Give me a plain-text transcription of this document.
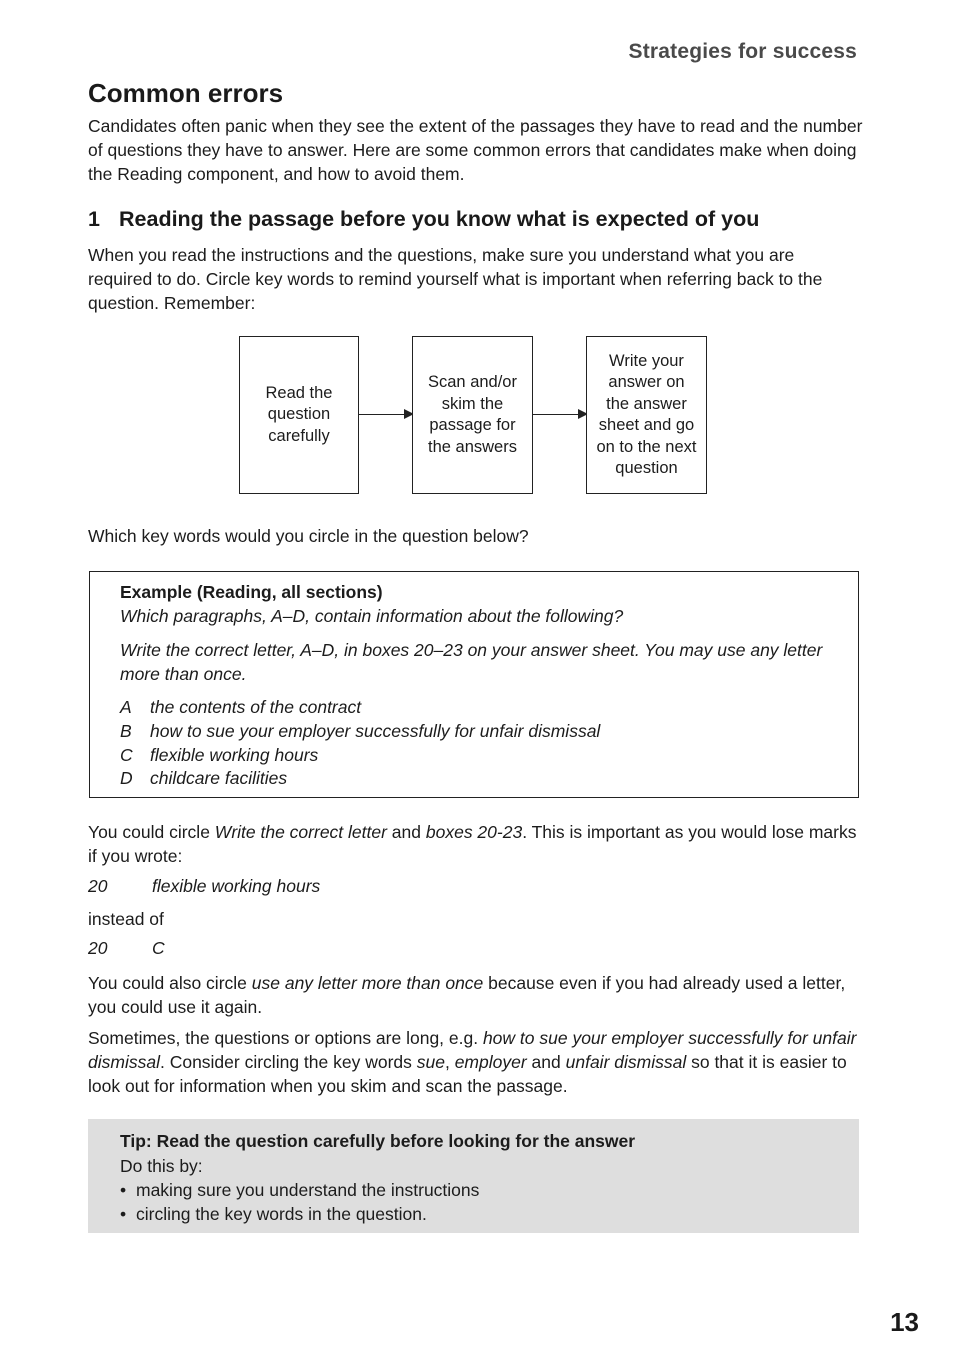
Strategies for success
Common errors
Candidates often panic when they see the extent of the passages they have to read and the number of questions they have to answer. Here are some common errors that candidates make when doing the Reading component, and how to avoid them.
1 Reading the passage before you know what is expected of you
When you read the instructions and the questions, make sure you understand what you are required to do. Circle key words to remind yourself what is important when referring back to the question. Remember:
Read the
question
carefully
Scan and/or
skim the
passage for
the answers
Write your
answer on
the answer
sheet and go
on to the next
question
Which key words would you circle in the question below?
Example (Reading, all sections)
Which paragraphs, A–D, contain information about the following?
Write the correct letter, A–D, in boxes 20–23 on your answer sheet. You may use any letter more than once.
A the contents of the contract
B how to sue your employer successfully for unfair dismissal
C flexible working hours
D childcare facilities
You could circle Write the correct letter and boxes 20-23. This is important as you would lose marks if you wrote:
20	flexible working hours
instead of
20	C
You could also circle use any letter more than once because even if you had already used a letter, you could use it again.
Sometimes, the questions or options are long, e.g. how to sue your employer successfully for unfair dismissal. Consider circling the key words sue, employer and unfair dismissal so that it is easier to look out for information when you skim and scan the passage.
Tip: Read the question carefully before looking for the answer
Do this by:
• making sure you understand the instructions
• circling the key words in the question.
13
